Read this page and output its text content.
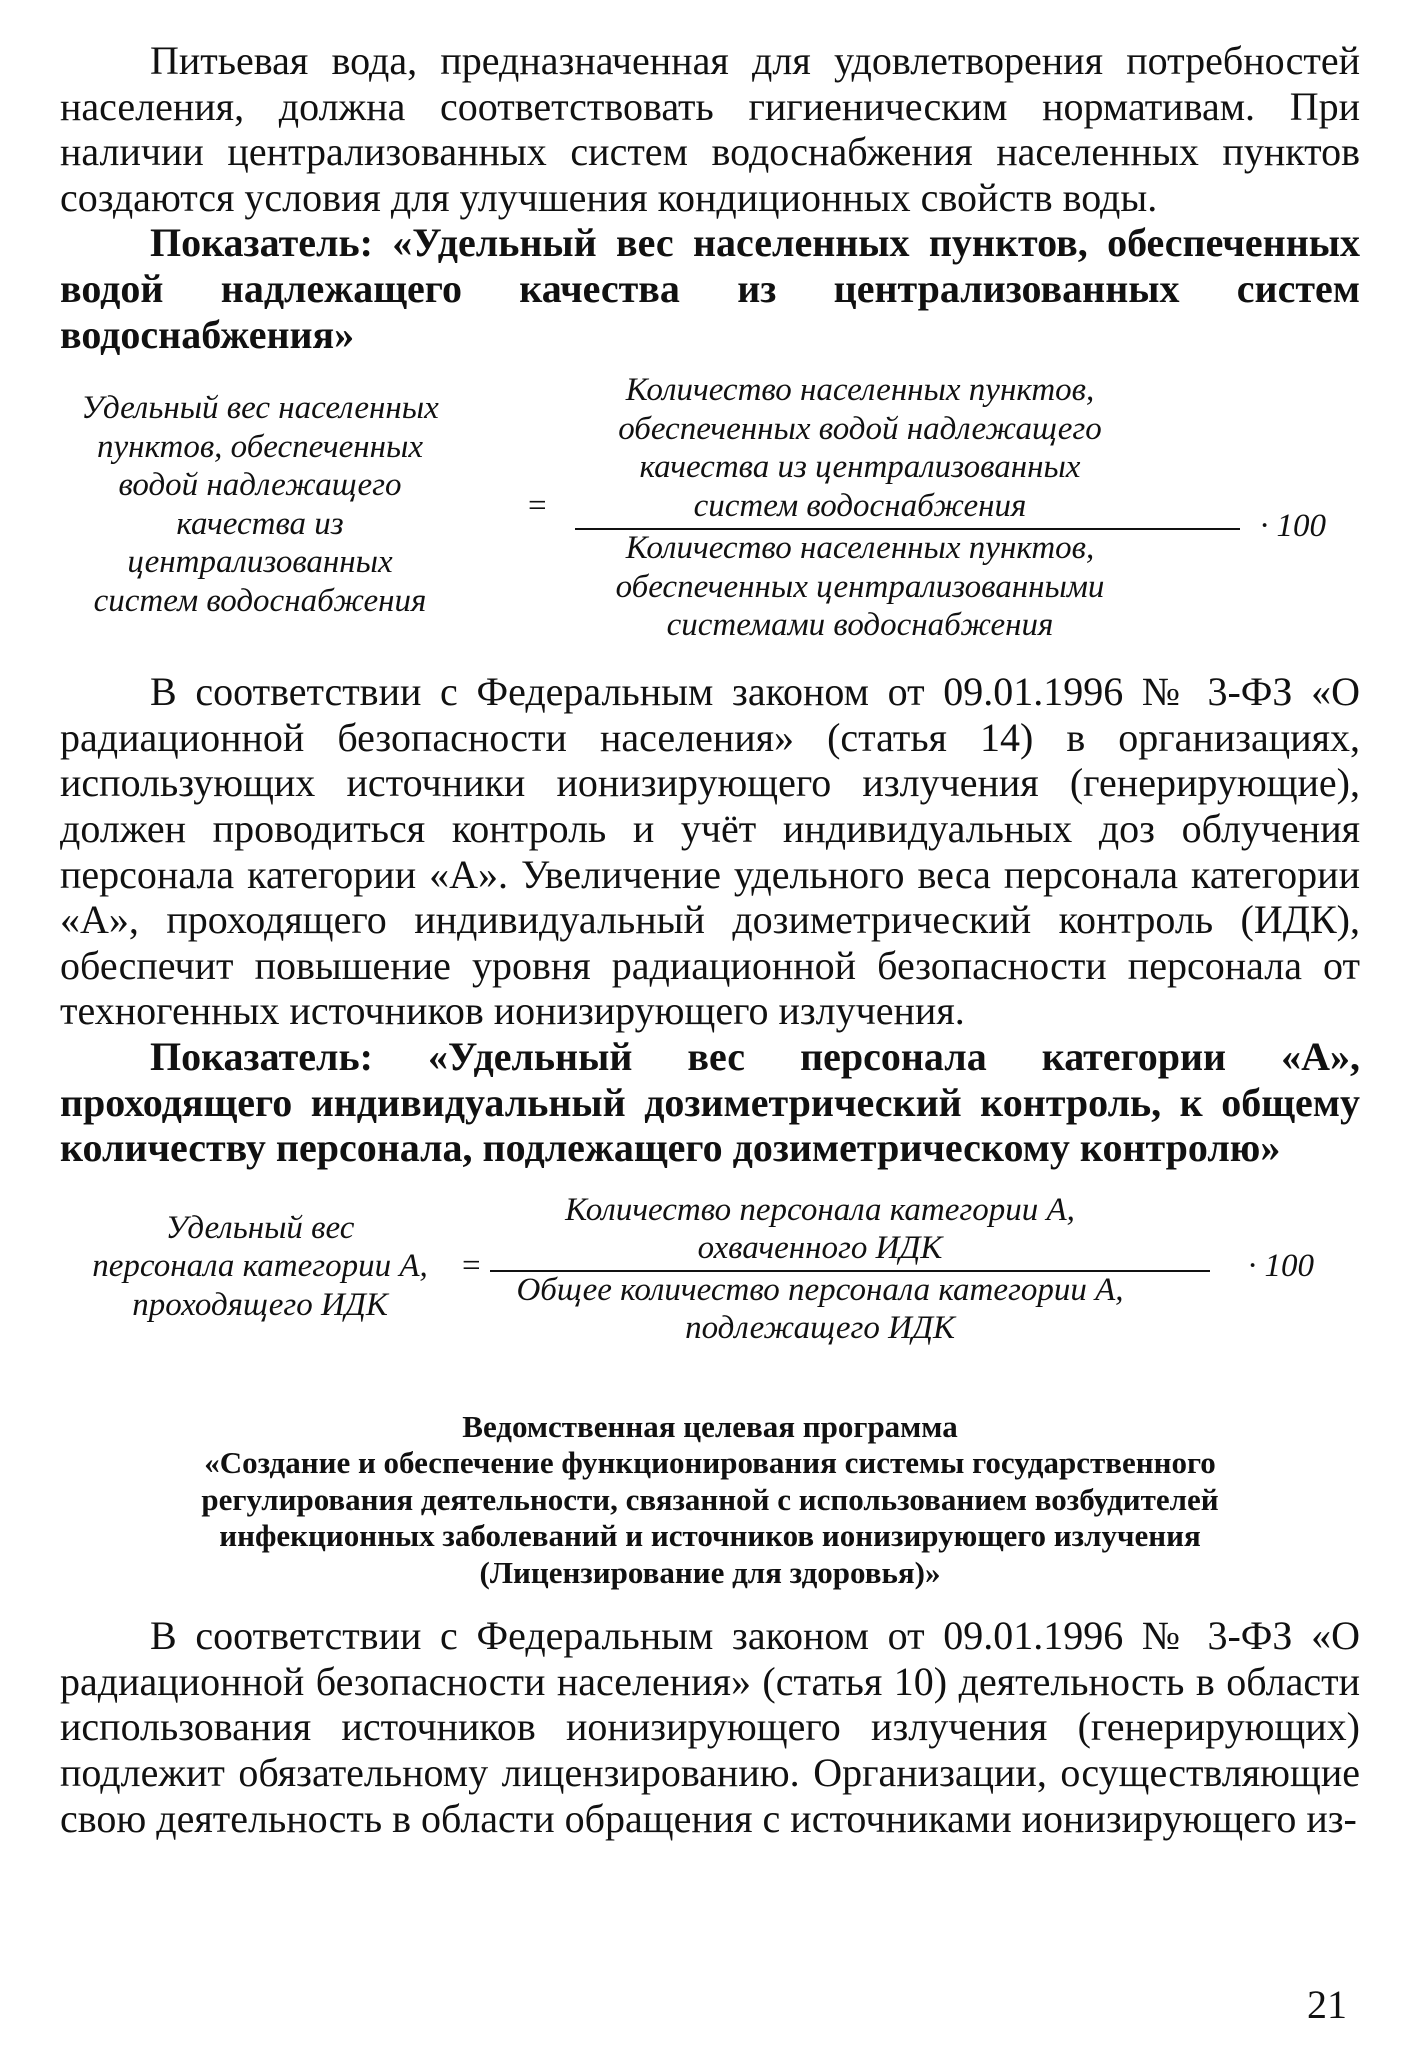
Питьевая вода, предназначенная для удовлетворения потребностей населения, должна соответствовать гигиеническим нормативам. При наличии централизованных систем водоснабжения населенных пунктов создаются условия для улучшения кондиционных свойств воды.

Показатель: «Удельный вес населенных пунктов, обеспеченных водой надлежащего качества из централизованных систем водоснабжения»

Удельный вес населенных
пунктов, обеспеченных
водой надлежащего
качества из
централизованных
систем водоснабжения
=
Количество населенных пунктов,
обеспеченных водой надлежащего
качества из централизованных
систем водоснабжения
Количество населенных пунктов,
обеспеченных централизованными
системами водоснабжения
· 100

В соответствии с Федеральным законом от 09.01.1996 № 3-ФЗ «О радиационной безопасности населения» (статья 14) в организациях, использующих источники ионизирующего излучения (генерирующие), должен проводиться контроль и учёт индивидуальных доз облучения персонала категории «А». Увеличение удельного веса персонала категории «А», проходящего индивидуальный дозиметрический контроль (ИДК), обеспечит повышение уровня радиационной безопасности персонала от техногенных источников ионизирующего излучения.

Показатель: «Удельный вес персонала категории «А», проходящего индивидуальный дозиметрический контроль, к общему количеству персонала, подлежащего дозиметрическому контролю»

Удельный вес
персонала категории А,
проходящего ИДК
=
Количество персонала категории А,
охваченного ИДК
Общее количество персонала категории А,
подлежащего ИДК
· 100

Ведомственная целевая программа

«Создание и обеспечение функционирования системы государственного

регулирования деятельности, связанной с использованием возбудителей

инфекционных заболеваний и источников ионизирующего излучения

(Лицензирование для здоровья)»

В соответствии с Федеральным законом от 09.01.1996 № 3-ФЗ «О радиационной безопасности населения» (статья 10) деятельность в области использования источников ионизирующего излучения (генерирующих) подлежит обязательному лицензированию. Организации, осуществляющие свою деятельность в области обращения с источниками ионизирующего из-

21
